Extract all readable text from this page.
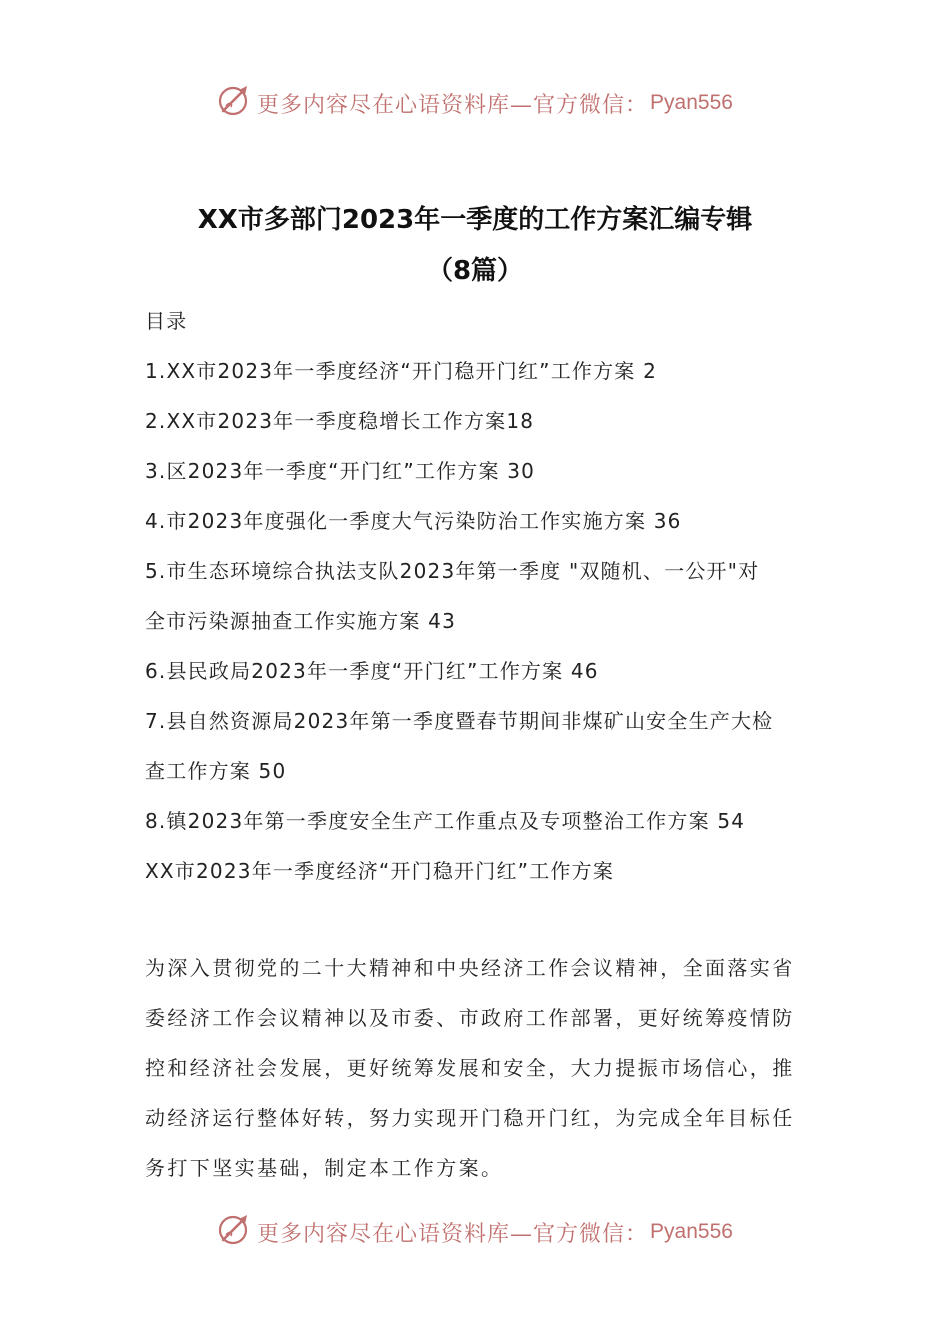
更多内容尽在心语资料库—官方微信： Pyan556
XX市多部门2023年一季度的工作方案汇编专辑
（8篇）
目录
1.XX市2023年一季度经济“开门稳开门红”工作方案 2
2.XX市2023年一季度稳增长工作方案18
3.区2023年一季度“开门红”工作方案 30
4.市2023年度强化一季度大气污染防治工作实施方案 36
5.市生态环境综合执法支队2023年第一季度 "双随机、一公开"对
全市污染源抽查工作实施方案 43
6.县民政局2023年一季度“开门红”工作方案 46
7.县自然资源局2023年第一季度暨春节期间非煤矿山安全生产大检
查工作方案 50
8.镇2023年第一季度安全生产工作重点及专项整治工作方案 54
XX市2023年一季度经济“开门稳开门红”工作方案
为深入贯彻党的二十大精神和中央经济工作会议精神，全面落实省
委经济工作会议精神以及市委、市政府工作部署，更好统筹疫情防
控和经济社会发展，更好统筹发展和安全，大力提振市场信心，推
动经济运行整体好转，努力实现开门稳开门红，为完成全年目标任
务打下坚实基础，制定本工作方案。
更多内容尽在心语资料库—官方微信： Pyan556
